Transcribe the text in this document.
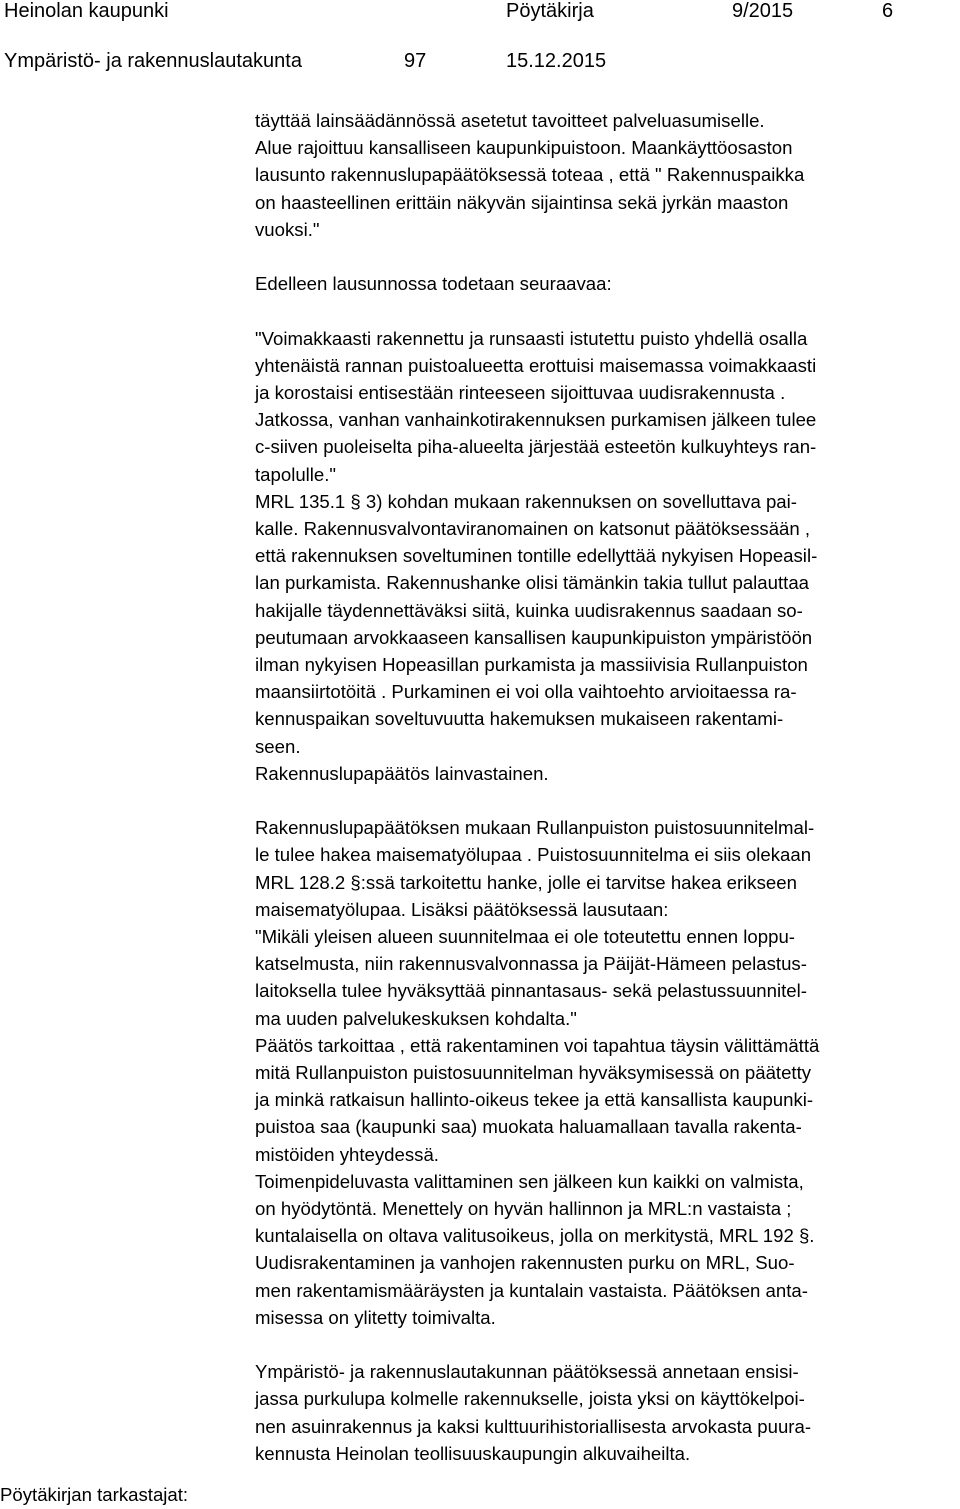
Heinolan kaupunki	Pöytäkirja	9/2015	6
Ympäristö- ja rakennuslautakunta	97	15.12.2015

täyttää lainsäädännössä asetetut tavoitteet palveluasumiselle.
Alue rajoittuu kansalliseen kaupunkipuistoon. Maankäyttöosaston
lausunto rakennuslupapäätöksessä toteaa , että " Rakennuspaikka
on haasteellinen erittäin näkyvän sijaintinsa sekä jyrkän maaston
vuoksi."

Edelleen lausunnossa todetaan seuraavaa:

"Voimakkaasti rakennettu ja runsaasti istutettu puisto yhdellä osalla
yhtenäistä rannan puistoalueetta erottuisi maisemassa voimakkaasti
ja korostaisi entisestään rinteeseen sijoittuvaa uudisrakennusta .
Jatkossa, vanhan vanhainkotirakennuksen purkamisen jälkeen tulee
c-siiven puoleiselta piha-alueelta järjestää esteetön kulkuyhteys ran-
tapolulle."
MRL 135.1 § 3) kohdan mukaan rakennuksen on sovelluttava pai-
kalle. Rakennusvalvontaviranomainen on katsonut päätöksessään ,
että rakennuksen soveltuminen tontille edellyttää nykyisen Hopeasil-
lan purkamista. Rakennushanke olisi tämänkin takia tullut palauttaa
hakijalle täydennettäväksi siitä, kuinka uudisrakennus saadaan so-
peutumaan arvokkaaseen kansallisen kaupunkipuiston ympäristöön
ilman nykyisen Hopeasillan purkamista ja massiivisia Rullanpuiston
maansiirtotöitä . Purkaminen ei voi olla vaihtoehto arvioitaessa ra-
kennuspaikan soveltuvuutta hakemuksen mukaiseen rakentami-
seen.
Rakennuslupapäätös lainvastainen.

Rakennuslupapäätöksen mukaan Rullanpuiston puistosuunnitelmal-
le tulee hakea maisematyölupaa . Puistosuunnitelma ei siis olekaan
MRL 128.2 §:ssä tarkoitettu hanke, jolle ei tarvitse hakea erikseen
maisematyölupaa. Lisäksi päätöksessä lausutaan:
"Mikäli yleisen alueen suunnitelmaa ei ole toteutettu ennen loppu-
katselmusta, niin rakennusvalvonnassa ja Päijät-Hämeen pelastus-
laitoksella tulee hyväksyttää pinnantasaus- sekä pelastussuunnitel-
ma uuden palvelukeskuksen kohdalta."
Päätös tarkoittaa , että rakentaminen voi tapahtua täysin välittämättä
mitä Rullanpuiston puistosuunnitelman hyväksymisessä on päätetty
ja minkä ratkaisun hallinto-oikeus tekee ja että kansallista kaupunki-
puistoa saa (kaupunki saa) muokata haluamallaan tavalla rakenta-
mistöiden yhteydessä.
Toimenpideluvasta valittaminen sen jälkeen kun kaikki on valmista,
on hyödytöntä. Menettely on hyvän hallinnon ja MRL:n vastaista ;
kuntalaisella on oltava valitusoikeus, jolla on merkitystä, MRL 192 §.
Uudisrakentaminen ja vanhojen rakennusten purku on MRL, Suo-
men rakentamismääräysten ja kuntalain vastaista. Päätöksen anta-
misessa on ylitetty toimivalta.

Ympäristö- ja rakennuslautakunnan päätöksessä annetaan ensisi-
jassa purkulupa kolmelle rakennukselle, joista yksi on käyttökelpoi-
nen asuinrakennus ja kaksi kulttuurihistoriallisesta arvokasta puura-
kennusta Heinolan teollisuuskaupungin alkuvaiheilta.

Pöytäkirjan tarkastajat:
